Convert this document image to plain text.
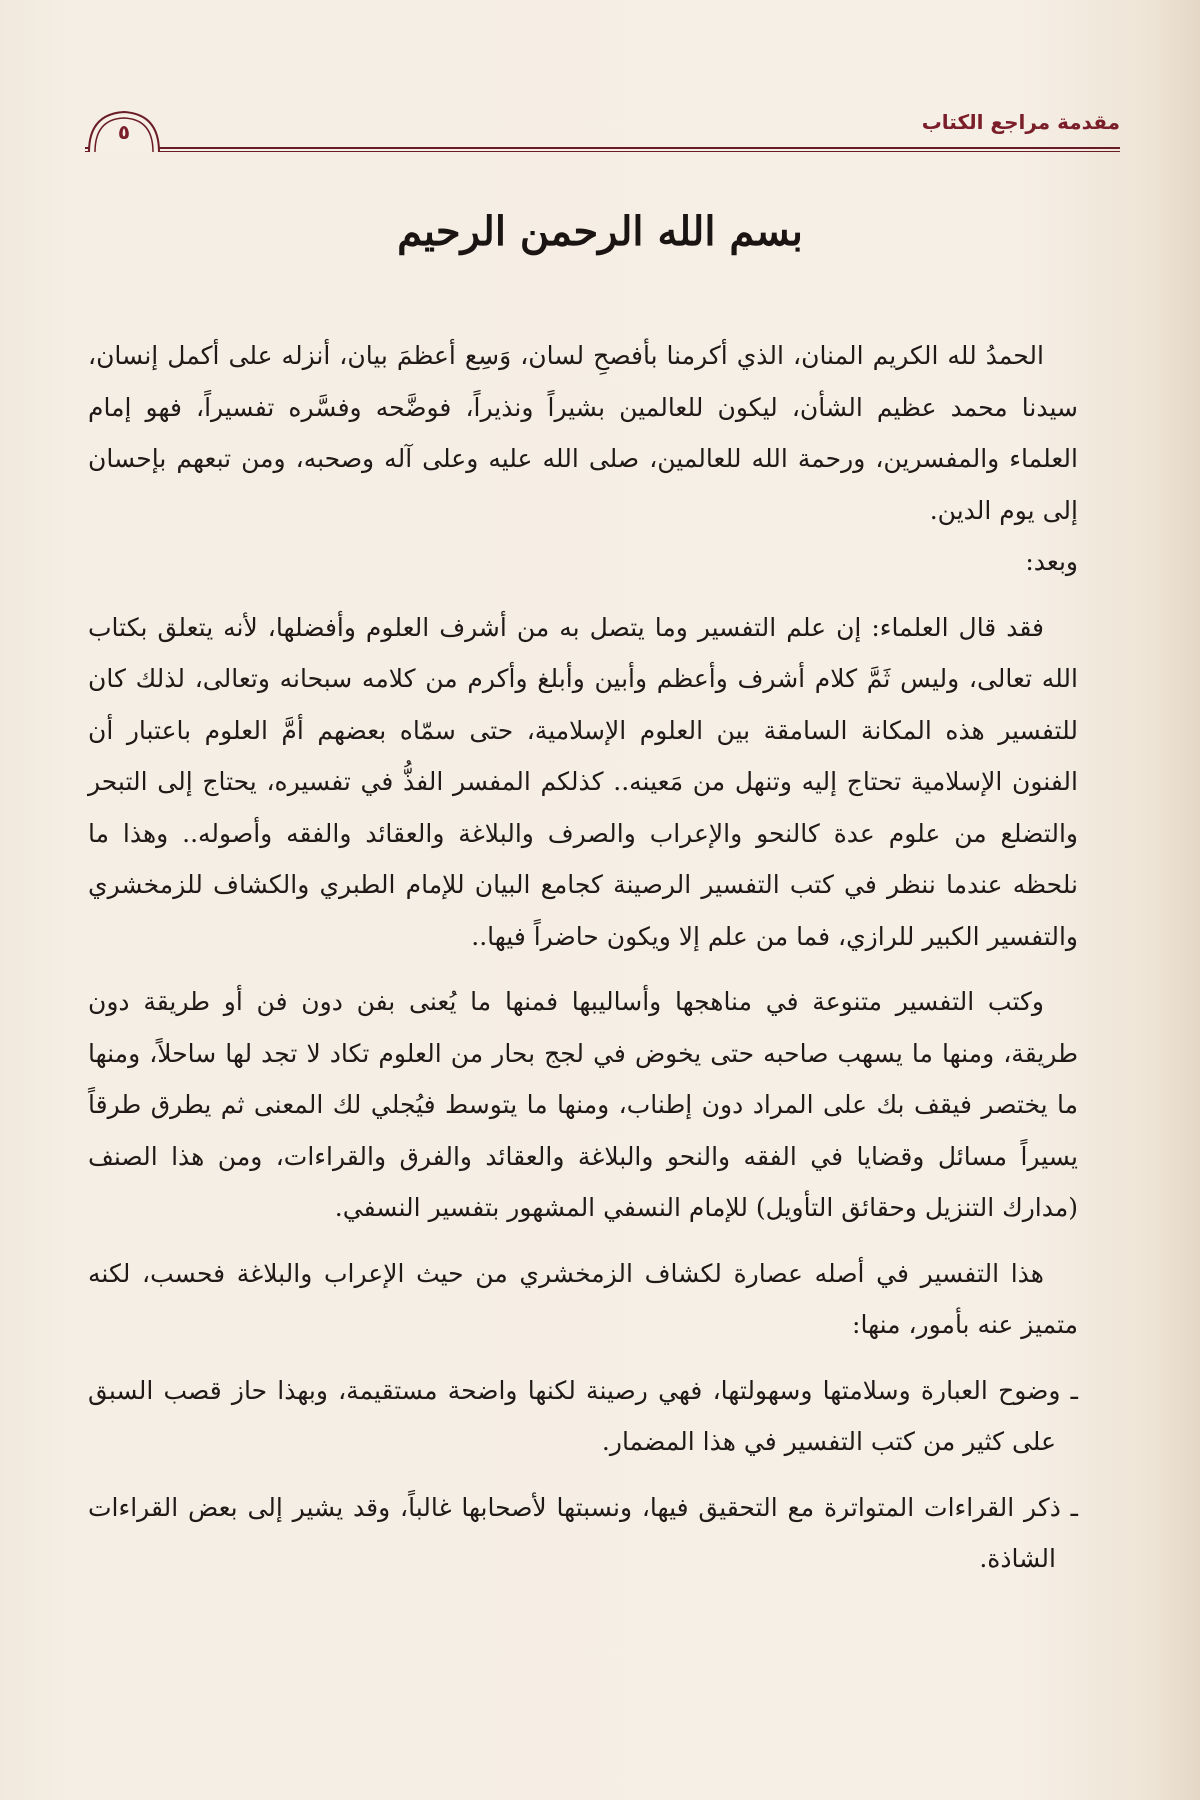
مقدمة مراجع الكتاب
٥
بسم الله الرحمن الرحيم

الحمدُ لله الكريم المنان، الذي أكرمنا بأفصحِ لسان، وَسِع أعظمَ بيان، أنزله على أكمل إنسان، سيدنا محمد عظيم الشأن، ليكون للعالمين بشيراً ونذيراً، فوضَّحه وفسَّره تفسيراً، فهو إمام العلماء والمفسرين، ورحمة الله للعالمين، صلى الله عليه وعلى آله وصحبه، ومن تبعهم بإحسان إلى يوم الدين.

وبعد:

فقد قال العلماء: إن علم التفسير وما يتصل به من أشرف العلوم وأفضلها، لأنه يتعلق بكتاب الله تعالى، وليس ثَمَّ كلام أشرف وأعظم وأبين وأبلغ وأكرم من كلامه سبحانه وتعالى، لذلك كان للتفسير هذه المكانة السامقة بين العلوم الإسلامية، حتى سمّاه بعضهم أمَّ العلوم باعتبار أن الفنون الإسلامية تحتاج إليه وتنهل من مَعينه.. كذلكم المفسر الفذُّ في تفسيره، يحتاج إلى التبحر والتضلع من علوم عدة كالنحو والإعراب والصرف والبلاغة والعقائد والفقه وأصوله.. وهذا ما نلحظه عندما ننظر في كتب التفسير الرصينة كجامع البيان للإمام الطبري والكشاف للزمخشري والتفسير الكبير للرازي، فما من علم إلا ويكون حاضراً فيها..

وكتب التفسير متنوعة في مناهجها وأساليبها فمنها ما يُعنى بفن دون فن أو طريقة دون طريقة، ومنها ما يسهب صاحبه حتى يخوض في لجج بحار من العلوم تكاد لا تجد لها ساحلاً، ومنها ما يختصر فيقف بك على المراد دون إطناب، ومنها ما يتوسط فيُجلي لك المعنى ثم يطرق طرقاً يسيراً مسائل وقضايا في الفقه والنحو والبلاغة والعقائد والفرق والقراءات، ومن هذا الصنف (مدارك التنزيل وحقائق التأويل) للإمام النسفي المشهور بتفسير النسفي.

هذا التفسير في أصله عصارة لكشاف الزمخشري من حيث الإعراب والبلاغة فحسب، لكنه متميز عنه بأمور، منها:

ـ وضوح العبارة وسلامتها وسهولتها، فهي رصينة لكنها واضحة مستقيمة، وبهذا حاز قصب السبق على كثير من كتب التفسير في هذا المضمار.

ـ ذكر القراءات المتواترة مع التحقيق فيها، ونسبتها لأصحابها غالباً، وقد يشير إلى بعض القراءات الشاذة.
